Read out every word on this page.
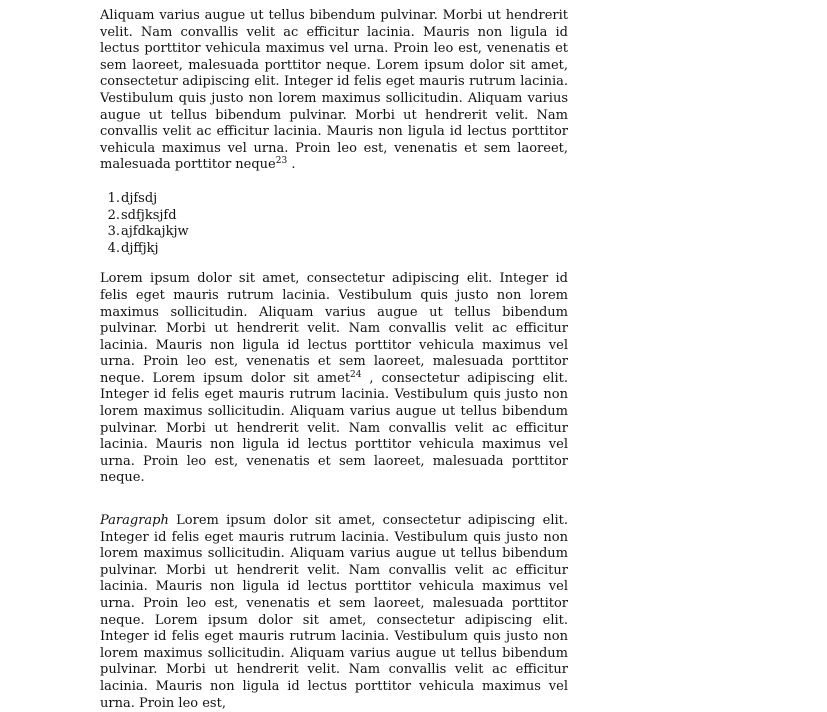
Aliquam varius augue ut tellus bibendum pulvinar. Morbi ut hendrerit velit. Nam convallis velit ac efficitur lacinia. Mauris non ligula id lectus porttitor vehicula maximus vel urna. Proin leo est, venenatis et sem laoreet, malesuada porttitor neque. Lorem ipsum dolor sit amet, consectetur adipiscing elit. Integer id felis eget mauris rutrum lacinia. Vestibulum quis justo non lorem maximus sollicitudin. Aliquam varius augue ut tellus bibendum pulvinar. Morbi ut hendrerit velit. Nam convallis velit ac efficitur lacinia. Mauris non ligula id lectus porttitor vehicula maximus vel urna. Proin leo est, venenatis et sem laoreet, malesuada porttitor neque$^{23}$ .

1. djfsdj
2. sdfjksjfd
3. ajfdkajkjw
4. djffjkj

Lorem ipsum dolor sit amet, consectetur adipiscing elit. Integer id felis eget mauris rutrum lacinia. Vestibulum quis justo non lorem maximus sollicitudin. Aliquam varius augue ut tellus bibendum pulvinar. Morbi ut hendrerit velit. Nam convallis velit ac efficitur lacinia. Mauris non ligula id lectus porttitor vehicula maximus vel urna. Proin leo est, venenatis et sem laoreet, malesuada porttitor neque. Lorem ipsum dolor sit amet$^{24}$ , consectetur adipiscing elit. Integer id felis eget mauris rutrum lacinia. Vestibulum quis justo non lorem maximus sollicitudin. Aliquam varius augue ut tellus bibendum pulvinar. Morbi ut hendrerit velit. Nam convallis velit ac efficitur lacinia. Mauris non ligula id lectus porttitor vehicula maximus vel urna. Proin leo est, venenatis et sem laoreet, malesuada porttitor neque.

Paragraph Lorem ipsum dolor sit amet, consectetur adipiscing elit. Integer id felis eget mauris rutrum lacinia. Vestibulum quis justo non lorem maximus sollicitudin. Aliquam varius augue ut tellus bibendum pulvinar. Morbi ut hendrerit velit. Nam convallis velit ac efficitur lacinia. Mauris non ligula id lectus porttitor vehicula maximus vel urna. Proin leo est, venenatis et sem laoreet, malesuada porttitor neque. Lorem ipsum dolor sit amet, consectetur adipiscing elit. Integer id felis eget mauris rutrum lacinia. Vestibulum quis justo non lorem maximus sollicitudin. Aliquam varius augue ut tellus bibendum pulvinar. Morbi ut hendrerit velit. Nam convallis velit ac efficitur lacinia. Mauris non ligula id lectus porttitor vehicula maximus vel urna. Proin leo est,
